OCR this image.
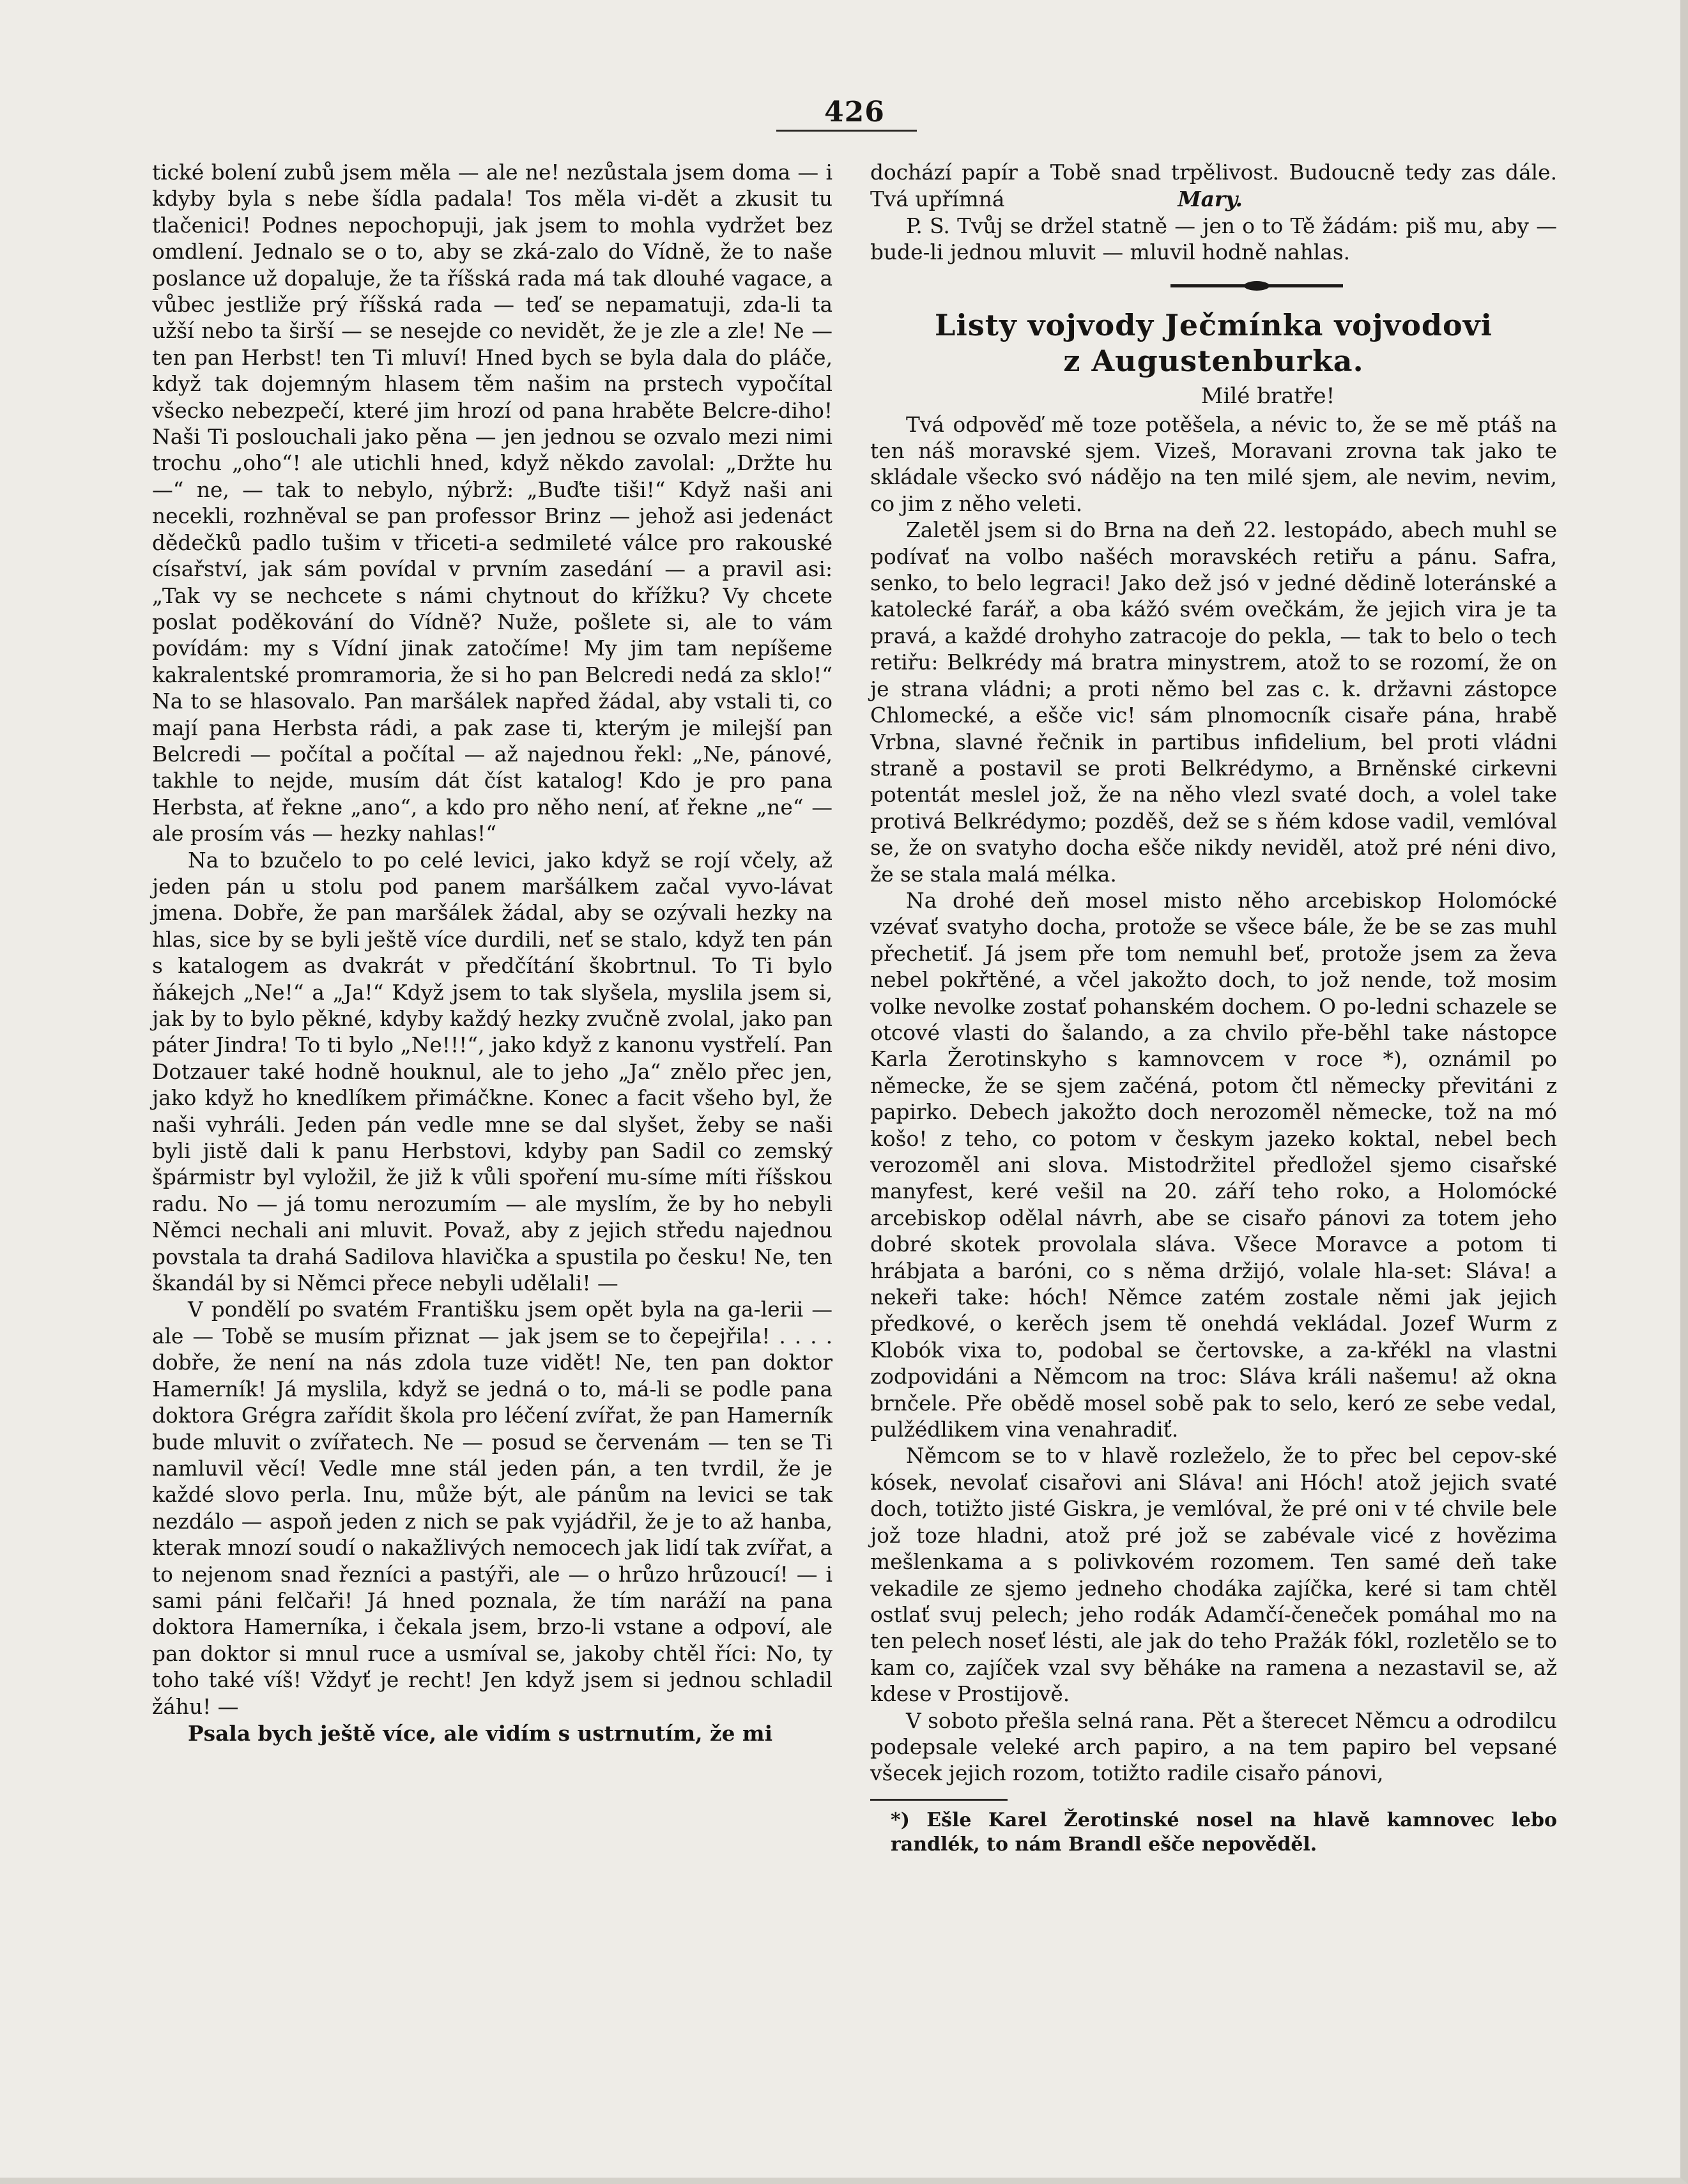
426

tické bolení zubů jsem měla — ale ne! nezůstala jsem doma — i kdyby byla s nebe šídla padala! Tos měla vi-dět a zkusit tu tlačenici! Podnes nepochopuji, jak jsem to mohla vydržet bez omdlení. Jednalo se o to, aby se zká-zalo do Vídně, že to naše poslance už dopaluje, že ta říšská rada má tak dlouhé vagace, a vůbec jestliže prý říšská rada — teď se nepamatuji, zda-li ta užší nebo ta širší — se nesejde co nevidět, že je zle a zle! Ne — ten pan Herbst! ten Ti mluví! Hned bych se byla dala do pláče, když tak dojemným hlasem těm našim na prstech vypočítal všecko nebezpečí, které jim hrozí od pana hraběte Belcre-diho! Naši Ti poslouchali jako pěna — jen jednou se ozvalo mezi nimi trochu „oho“! ale utichli hned, když někdo zavolal: „Držte hu —“ ne, — tak to nebylo, nýbrž: „Buďte tiši!“ Když naši ani necekli, rozhněval se pan professor Brinz — jehož asi jedenáct dědečků padlo tušim v třiceti-a sedmileté válce pro rakouské císařství, jak sám povídal v prvním zasedání — a pravil asi: „Tak vy se nechcete s námi chytnout do křížku? Vy chcete poslat poděkování do Vídně? Nuže, pošlete si, ale to vám povídám: my s Vídní jinak zatočíme! My jim tam nepíšeme kakralentské promramoria, že si ho pan Belcredi nedá za sklo!“ Na to se hlasovalo. Pan maršálek napřed žádal, aby vstali ti, co mají pana Herbsta rádi, a pak zase ti, kterým je milejší pan Belcredi — počítal a počítal — až najednou řekl: „Ne, pánové, takhle to nejde, musím dát číst katalog! Kdo je pro pana Herbsta, ať řekne „ano“, a kdo pro něho není, ať řekne „ne“ — ale prosím vás — hezky nahlas!“

Na to bzučelo to po celé levici, jako když se rojí včely, až jeden pán u stolu pod panem maršálkem začal vyvo-lávat jmena. Dobře, že pan maršálek žádal, aby se ozývali hezky na hlas, sice by se byli ještě více durdili, neť se stalo, když ten pán s katalogem as dvakrát v předčítání škobrtnul. To Ti bylo ňákejch „Ne!“ a „Ja!“ Když jsem to tak slyšela, myslila jsem si, jak by to bylo pěkné, kdyby každý hezky zvučně zvolal, jako pan páter Jindra! To ti bylo „Ne!!!“, jako když z kanonu vystřelí. Pan Dotzauer také hodně houknul, ale to jeho „Ja“ znělo přec jen, jako když ho knedlíkem přimáčkne. Konec a facit všeho byl, že naši vyhráli. Jeden pán vedle mne se dal slyšet, žeby se naši byli jistě dali k panu Herbstovi, kdyby pan Sadil co zemský špármistr byl vyložil, že již k vůli spoření mu-síme míti říšskou radu. No — já tomu nerozumím — ale myslím, že by ho nebyli Němci nechali ani mluvit. Považ, aby z jejich středu najednou povstala ta drahá Sadilova hlavička a spustila po česku! Ne, ten škandál by si Němci přece nebyli udělali! —

V pondělí po svatém Františku jsem opět byla na ga-lerii — ale — Tobě se musím přiznat — jak jsem se to čepejřila! . . . . dobře, že není na nás zdola tuze vidět! Ne, ten pan doktor Hamerník! Já myslila, když se jedná o to, má-li se podle pana doktora Grégra zařídit škola pro léčení zvířat, že pan Hamerník bude mluvit o zvířatech. Ne — posud se červenám — ten se Ti namluvil věcí! Vedle mne stál jeden pán, a ten tvrdil, že je každé slovo perla. Inu, může být, ale pánům na levici se tak nezdálo — aspoň jeden z nich se pak vyjádřil, že je to až hanba, kterak mnozí soudí o nakažlivých nemocech jak lidí tak zvířat, a to nejenom snad řezníci a pastýři, ale — o hrůzo hrůzoucí! — i sami páni felčaři! Já hned poznala, že tím naráží na pana doktora Hamerníka, i čekala jsem, brzo-li vstane a odpoví, ale pan doktor si mnul ruce a usmíval se, jakoby chtěl říci: No, ty toho také víš! Vždyť je recht! Jen když jsem si jednou schladil žáhu! —

Psala bych ještě více, ale vidím s ustrnutím, že mi

dochází papír a Tobě snad trpělivost. Budoucně tedy zas dále. Tvá upřímná	Mary.

P. S. Tvůj se držel statně — jen o to Tě žádám: piš mu, aby — bude-li jednou mluvit — mluvil hodně nahlas.

Listy vojvody Ječmínka vojvodovi
z Augustenburka.
Milé bratře!

Tvá odpověď mě toze potěšela, a névic to, že se mě ptáš na ten náš moravské sjem. Vizeš, Moravani zrovna tak jako te skládale všecko svó nádějo na ten milé sjem, ale nevim, nevim, co jim z něho veleti.

Zaletěl jsem si do Brna na deň 22. lestopádo, abech muhl se podívať na volbo našéch moravskéch retiřu a pánu. Safra, senko, to belo legraci! Jako dež jsó v jedné dědině loteránské a katolecké farář, a oba kážó svém ovečkám, že jejich vira je ta pravá, a každé drohyho zatracoje do pekla, — tak to belo o tech retiřu: Belkrédy má bratra minystrem, atož to se rozomí, že on je strana vládni; a proti němo bel zas c. k. državni zástopce Chlomecké, a ešče vic! sám plnomocník cisaře pána, hrabě Vrbna, slavné řečnik in partibus infidelium, bel proti vládni straně a postavil se proti Belkrédymo, a Brněnské cirkevni potentát meslel jož, že na něho vlezl svaté doch, a volel take protivá Belkrédymo; pozděš, dež se s ňém kdose vadil, vemlóval se, že on svatyho docha ešče nikdy neviděl, atož pré néni divo, že se stala malá mélka.

Na drohé deň mosel misto něho arcebiskop Holomócké vzévať svatyho docha, protože se všece bále, že be se zas muhl přechetiť. Já jsem pře tom nemuhl beť, protože jsem za ževa nebel pokřtěné, a včel jakožto doch, to jož nende, tož mosim volke nevolke zostať pohanském dochem. O po-ledni schazele se otcové vlasti do šalando, a za chvilo pře-běhl take nástopce Karla Žerotinskyho s kamnovcem v roce *), oznámil po německe, že se sjem začéná, potom čtl německy převitáni z papirko. Debech jakožto doch nerozoměl německe, tož na mó košo! z teho, co potom v českym jazeko koktal, nebel bech verozoměl ani slova. Mistodržitel předložel sjemo cisařské manyfest, keré vešil na 20. září teho roko, a Holomócké arcebiskop odělal návrh, abe se cisařo pánovi za totem jeho dobré skotek provolala sláva. Všece Moravce a potom ti hrábjata a baróni, co s něma držijó, volale hla-set: Sláva! a nekeři take: hóch! Němce zatém zostale němi jak jejich předkové, o kerěch jsem tě onehdá vekládal. Jozef Wurm z Klobók vixa to, podobal se čertovske, a za-křékl na vlastni zodpovidáni a Němcom na troc: Sláva králi našemu! až okna brnčele. Pře obědě mosel sobě pak to selo, keró ze sebe vedal, pulžédlikem vina venahradiť.

Němcom se to v hlavě rozleželo, že to přec bel cepov-ské kósek, nevolať cisařovi ani Sláva! ani Hóch! atož jejich svaté doch, totižto jisté Giskra, je vemlóval, že pré oni v té chvile bele jož toze hladni, atož pré jož se zabévale vicé z hovězima mešlenkama a s polivkovém rozomem. Ten samé deň take vekadile ze sjemo jedneho chodáka zajíčka, keré si tam chtěl ostlať svuj pelech; jeho rodák Adamčí-čeneček pomáhal mo na ten pelech noseť lésti, ale jak do teho Pražák fókl, rozletělo se to kam co, zajíček vzal svy běháke na ramena a nezastavil se, až kdese v Prostijově.

V soboto přešla selná rana. Pět a šterecet Němcu a odrodilcu podepsale veleké arch papiro, a na tem papiro bel vepsané všecek jejich rozom, totižto radile cisařo pánovi,

*) Ešle Karel Žerotinské nosel na hlavě kamnovec lebo randlék, to nám Brandl ešče nepověděl.
